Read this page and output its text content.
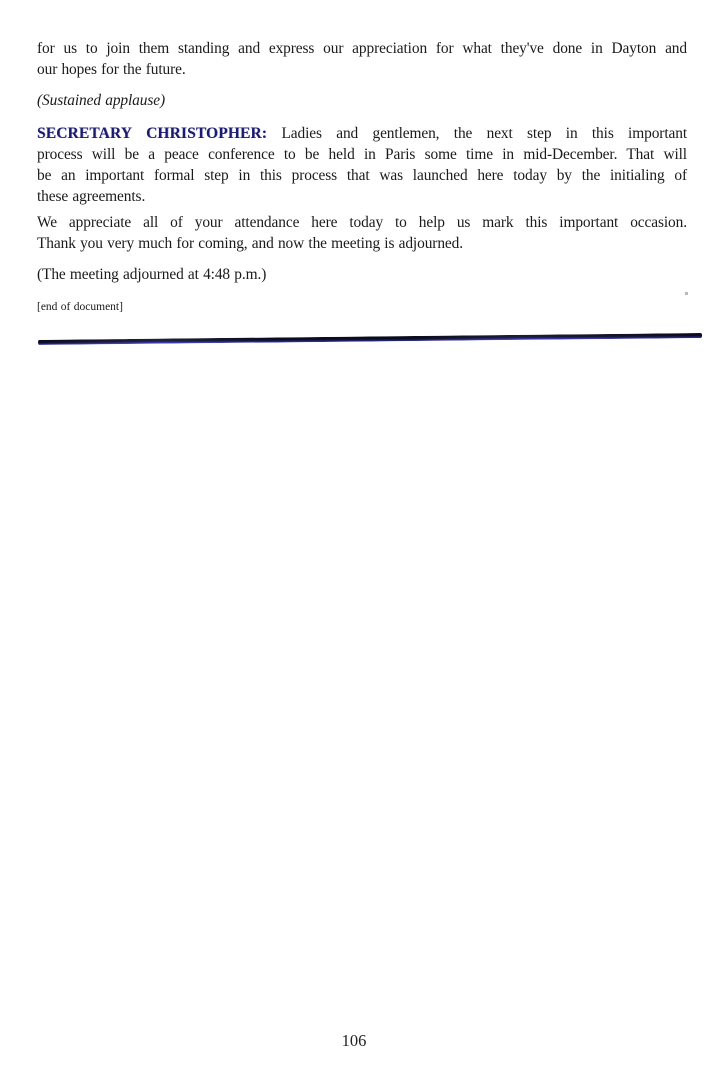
for us to join them standing and express our appreciation for what they've done in Dayton and
our hopes for the future.
(Sustained applause)
SECRETARY CHRISTOPHER: Ladies and gentlemen, the next step in this important
process will be a peace conference to be held in Paris some time in mid-December. That will
be an important formal step in this process that was launched here today by the initialing of
these agreements.
We appreciate all of your attendance here today to help us mark this important occasion.
Thank you very much for coming, and now the meeting is adjourned.
(The meeting adjourned at 4:48 p.m.)
[end of document]
106
